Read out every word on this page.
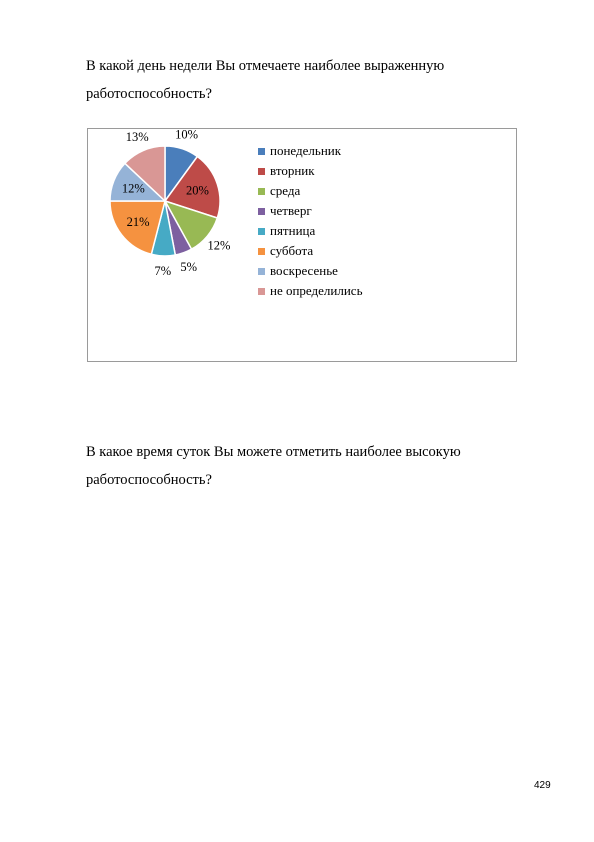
В какой день недели Вы отмечаете наиболее выраженную
работоспособность?
10%
20%
12%
5%
7%
21%
12%
13%
понедельник
вторник
среда
четверг
пятница
суббота
воскресенье
не определились
В какое время суток Вы можете отметить наиболее высокую
работоспособность?
429
